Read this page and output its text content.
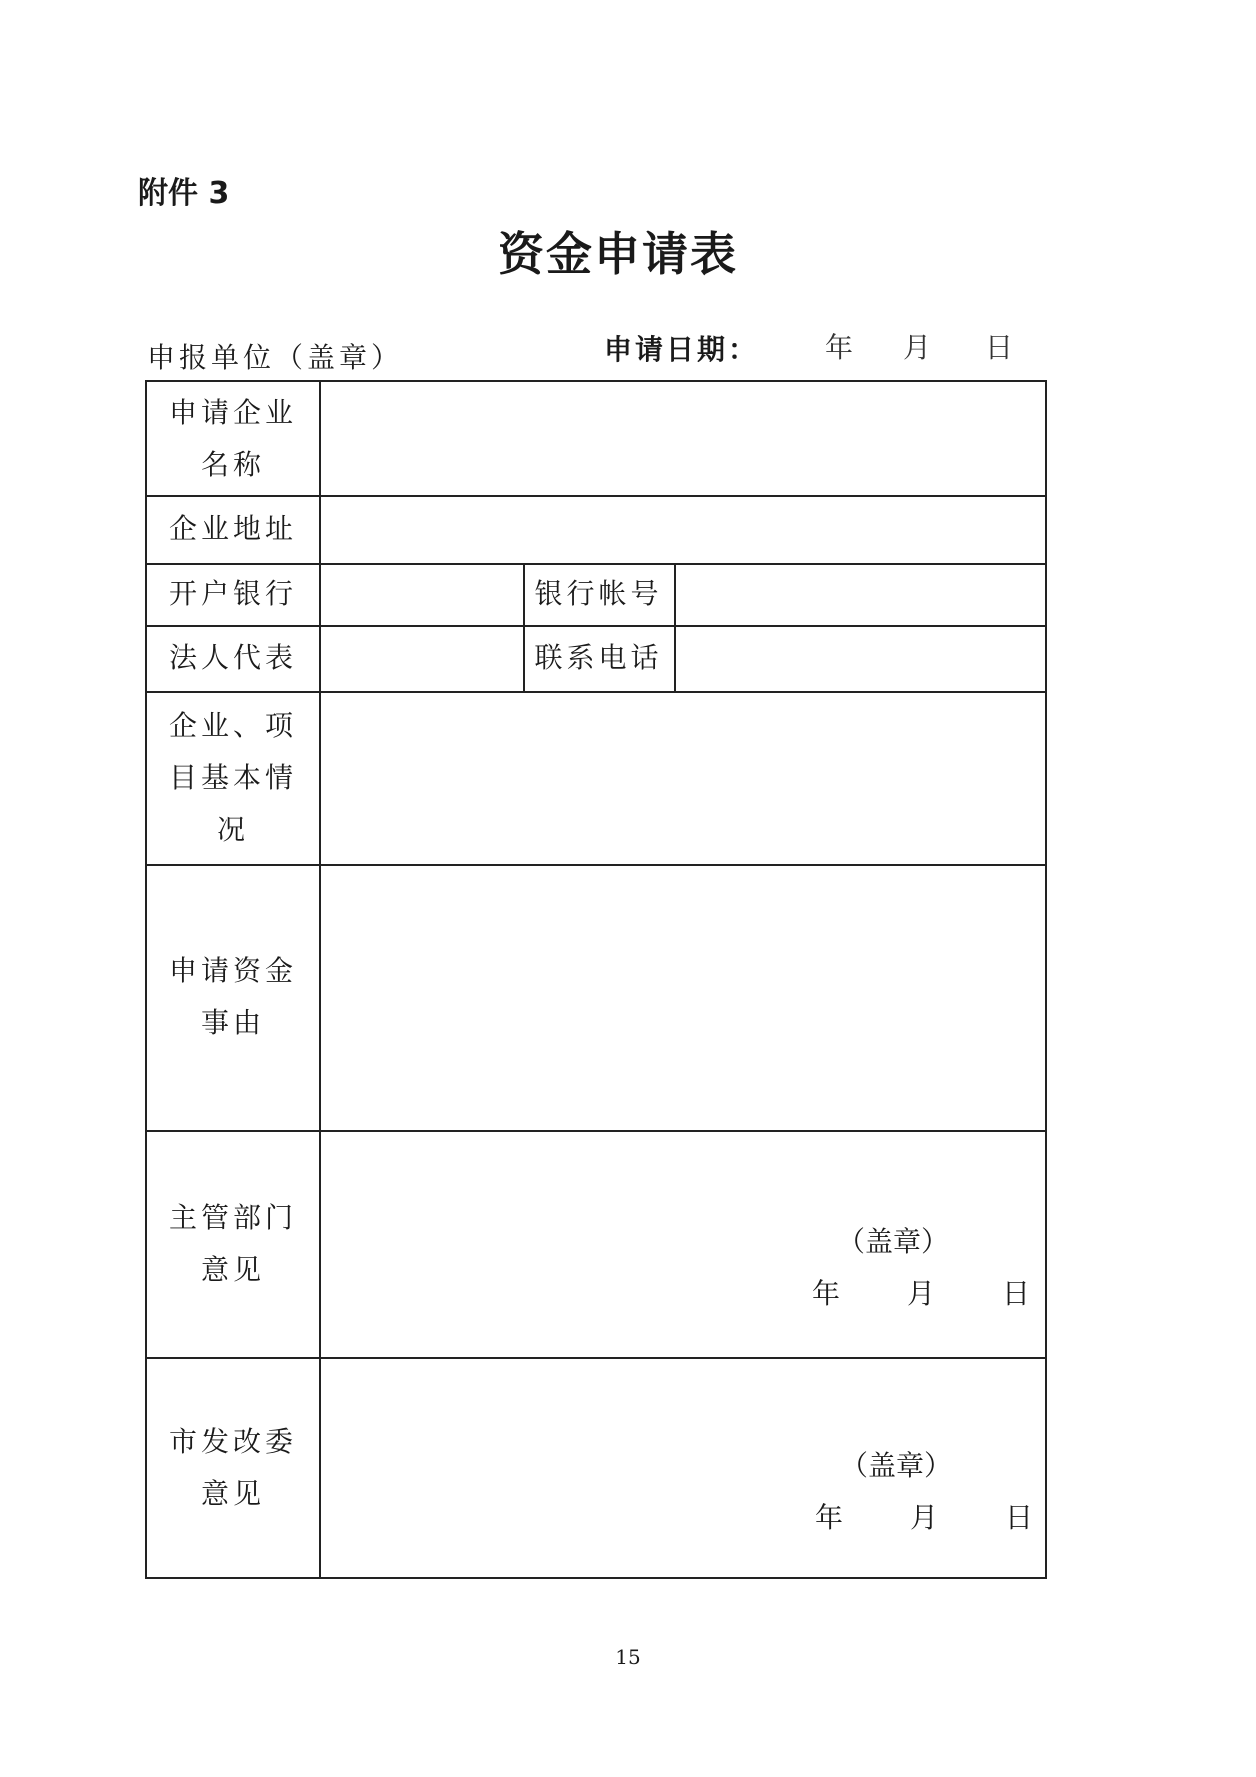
附件 3
资金申请表
申报单位（盖章）	申请日期： 年 月 日
申请企业名称
企业地址
开户银行	银行帐号
法人代表	联系电话
企业、项目基本情况
申请资金事由
主管部门意见
（盖章）
年 月 日
市发改委意见
（盖章）
年 月 日
15
